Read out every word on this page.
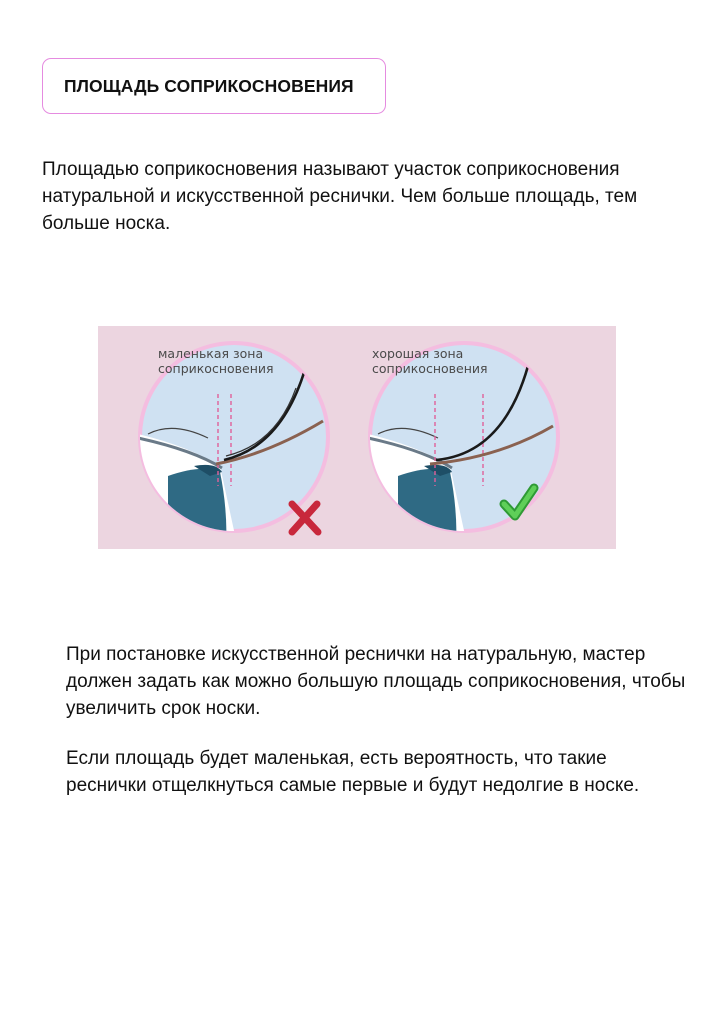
ПЛОЩАДЬ СОПРИКОСНОВЕНИЯ

Площадью соприкосновения называют участок соприкосновения натуральной и искусственной реснички. Чем больше площадь, тем больше носка.

маленькая зона
соприкосновения
хорошая зона
соприкосновения

При постановке искусственной реснички на натуральную, мастер должен задать как можно большую площадь соприкосновения, чтобы увеличить срок носки.

Если площадь будет маленькая, есть вероятность, что такие реснички отщелкнуться самые первые и будут недолгие в носке.
